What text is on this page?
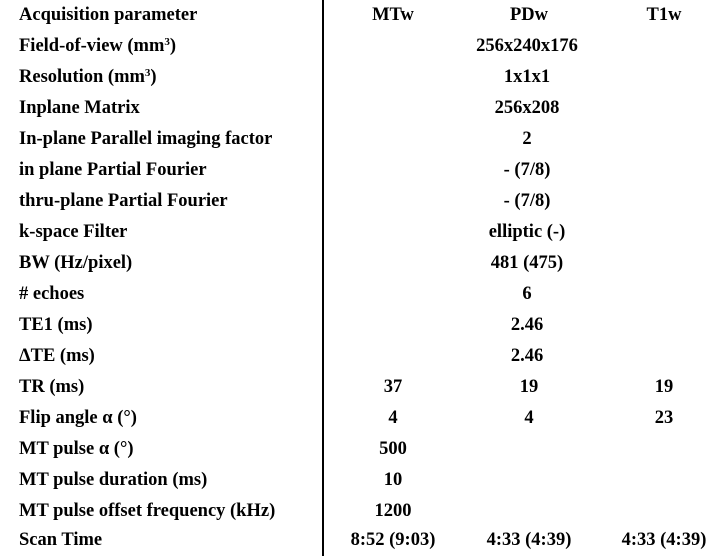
Acquisition parameter	MTw	PDw	T1w
Field-of-view $(mm^3)$	256x240x176
Resolution $(mm^3)$	1x1x1
Inplane Matrix	256x208
In-plane Parallel imaging factor	2
in plane Partial Fourier	- (7/8)
thru-plane Partial Fourier	- (7/8)
k-space Filter	elliptic (-)
BW (Hz/pixel)	481 (475)
# echoes	6
TE1 (ms)	2.46
ΔTE (ms)	2.46
TR (ms)	37	19	19
Flip angle α (°)	4	4	23
MT pulse α (°)	500
MT pulse duration (ms)	10
MT pulse offset frequency (kHz)	1200
Scan Time	8:52 (9:03)	4:33 (4:39)	4:33 (4:39)
